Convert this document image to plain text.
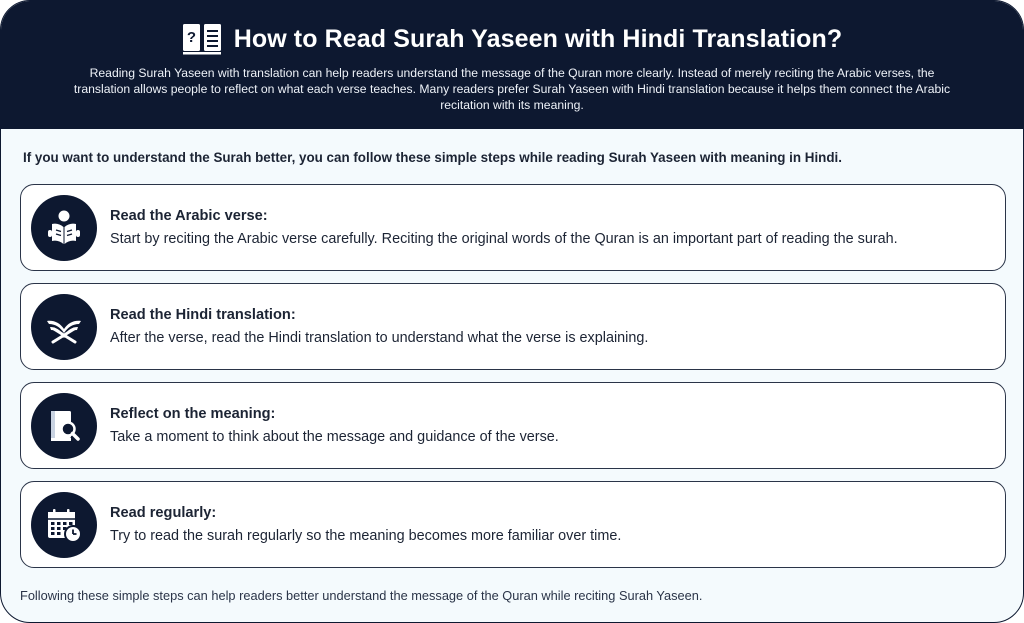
? How to Read Surah Yaseen with Hindi Translation?

Reading Surah Yaseen with translation can help readers understand the message of the Quran more clearly. Instead of merely reciting the Arabic verses, the translation allows people to reflect on what each verse teaches. Many readers prefer Surah Yaseen with Hindi translation because it helps them connect the Arabic recitation with its meaning.

If you want to understand the Surah better, you can follow these simple steps while reading Surah Yaseen with meaning in Hindi.

Read the Arabic verse:
Start by reciting the Arabic verse carefully. Reciting the original words of the Quran is an important part of reading the surah.
Read the Hindi translation:
After the verse, read the Hindi translation to understand what the verse is explaining.
Reflect on the meaning:
Take a moment to think about the message and guidance of the verse.
Read regularly:
Try to read the surah regularly so the meaning becomes more familiar over time.

Following these simple steps can help readers better understand the message of the Quran while reciting Surah Yaseen.
